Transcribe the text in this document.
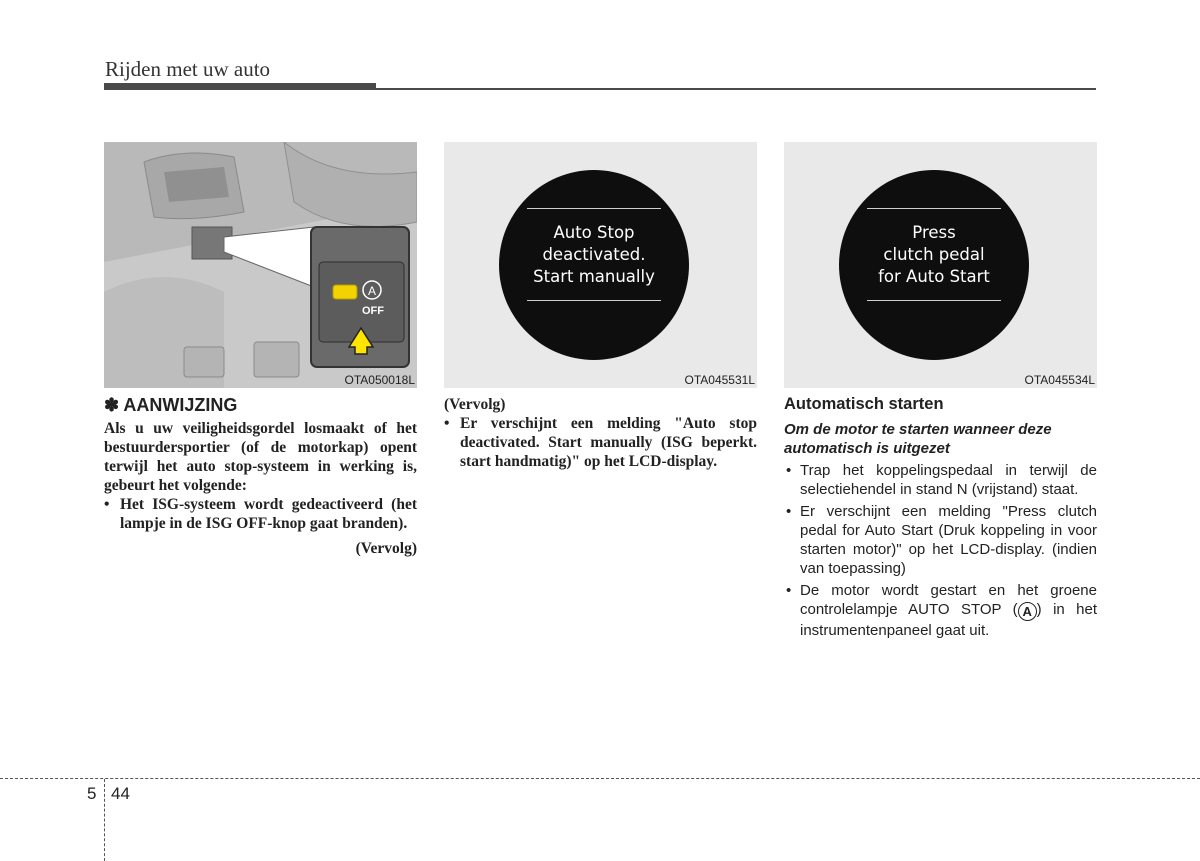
Rijden met uw auto
A
OFF
OTA050018L
Auto Stop
deactivated.
Start manually
OTA045531L
Press
clutch pedal
for Auto Start
OTA045534L
✽ AANWIJZING
Als u uw veiligheidsgordel losmaakt of het bestuurdersportier (of de motorkap) opent terwijl het auto stop-systeem in werking is, gebeurt het volgende:
• Het ISG-systeem wordt gedeactiveerd (het lampje in de ISG OFF-knop gaat branden).
(Vervolg)
(Vervolg)
• Er verschijnt een melding "Auto stop deactivated. Start manually (ISG beperkt. start handmatig)" op het LCD-display.
Automatisch starten
Om de motor te starten wanneer deze automatisch is uitgezet
• Trap het koppelingspedaal in terwijl de selectiehendel in stand N (vrijstand) staat.
• Er verschijnt een melding "Press clutch pedal for Auto Start (Druk koppeling in voor starten motor)" op het LCD-display. (indien van toepassing)
• De motor wordt gestart en het groene controlelampje AUTO STOP ( A ) in het instrumentenpaneel gaat uit.
5 44
